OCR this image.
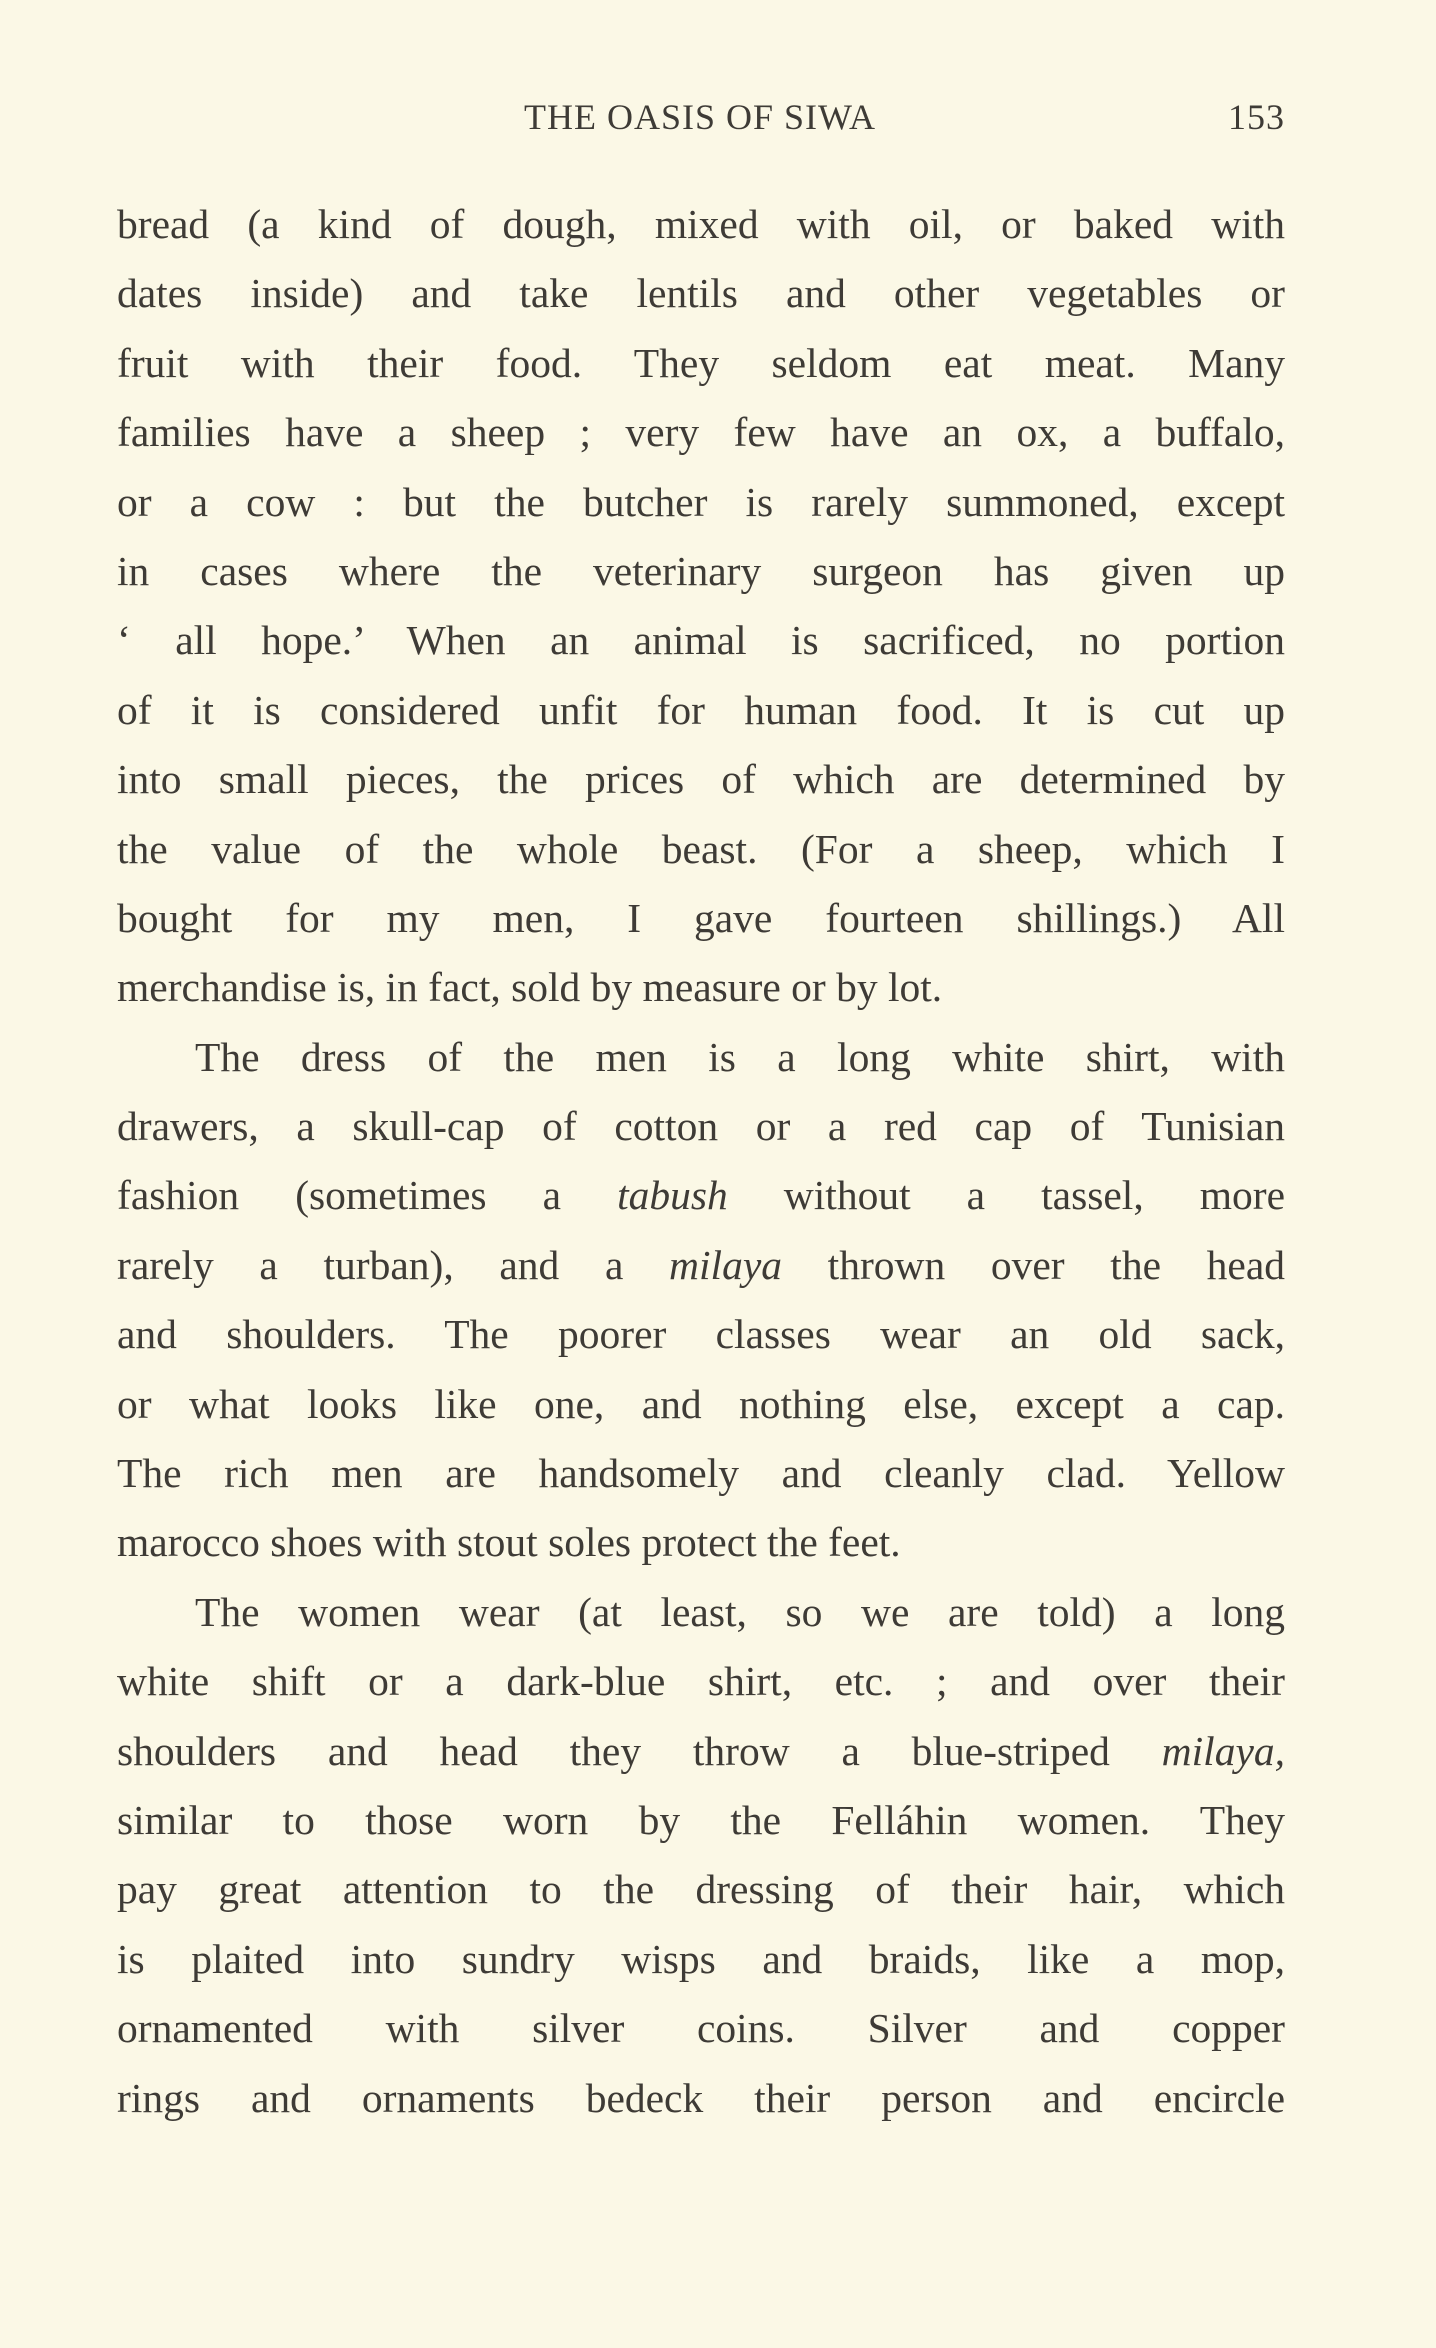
THE OASIS OF SIWA	153
bread (a kind of dough, mixed with oil, or baked with
dates inside) and take lentils and other vegetables or
fruit with their food. They seldom eat meat. Many
families have a sheep ; very few have an ox, a buffalo,
or a cow : but the butcher is rarely summoned, except
in cases where the veterinary surgeon has given up
‘ all hope.’ When an animal is sacrificed, no portion
of it is considered unfit for human food. It is cut up
into small pieces, the prices of which are determined by
the value of the whole beast. (For a sheep, which I
bought for my men, I gave fourteen shillings.) All
merchandise is, in fact, sold by measure or by lot.
The dress of the men is a long white shirt, with
drawers, a skull-cap of cotton or a red cap of Tunisian
fashion (sometimes a tabush without a tassel, more
rarely a turban), and a milaya thrown over the head
and shoulders. The poorer classes wear an old sack,
or what looks like one, and nothing else, except a cap.
The rich men are handsomely and cleanly clad. Yellow
marocco shoes with stout soles protect the feet.
The women wear (at least, so we are told) a long
white shift or a dark-blue shirt, etc. ; and over their
shoulders and head they throw a blue-striped milaya,
similar to those worn by the Felláhin women. They
pay great attention to the dressing of their hair, which
is plaited into sundry wisps and braids, like a mop,
ornamented with silver coins. Silver and copper
rings and ornaments bedeck their person and encircle
